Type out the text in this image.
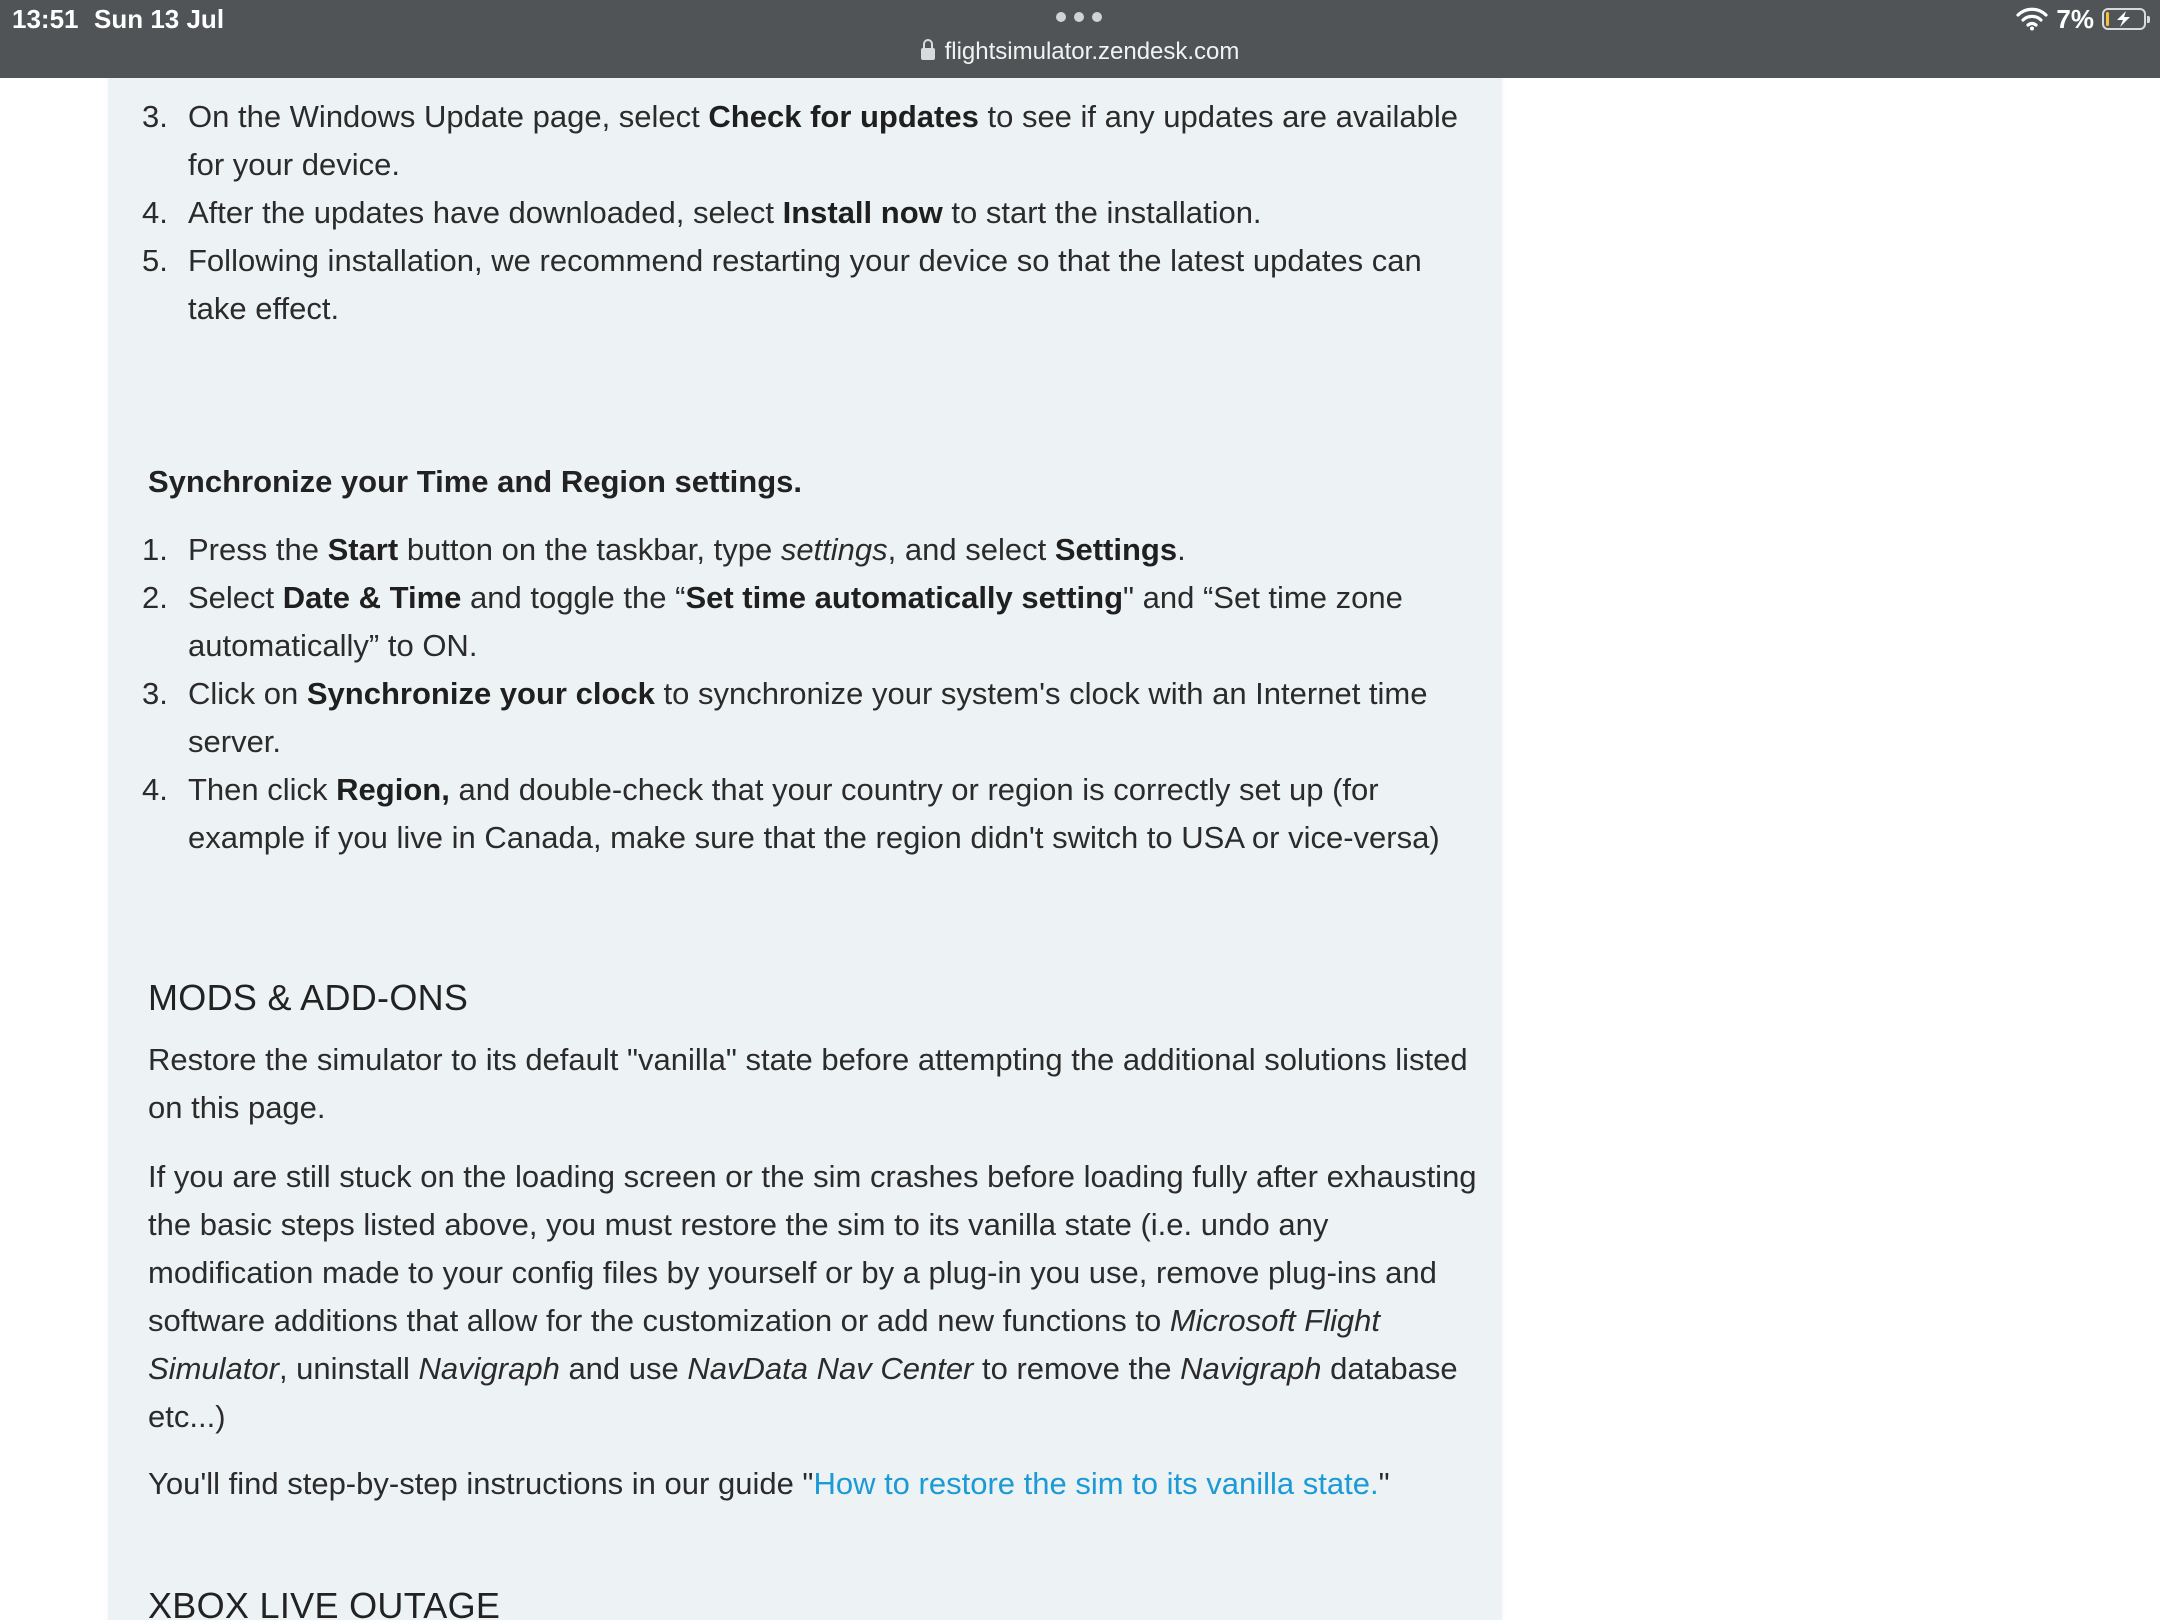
3. On the Windows Update page, select Check for updates to see if any updates are available for your device.
4. After the updates have downloaded, select Install now to start the installation.
5. Following installation, we recommend restarting your device so that the latest updates can take effect.
Synchronize your Time and Region settings.
1. Press the Start button on the taskbar, type settings, and select Settings.
2. Select Date & Time and toggle the “Set time automatically setting" and “Set time zone automatically” to ON.
3. Click on Synchronize your clock to synchronize your system's clock with an Internet time server.
4. Then click Region, and double-check that your country or region is correctly set up (for example if you live in Canada, make sure that the region didn't switch to USA or vice-versa)
MODS & ADD-ONS

Restore the simulator to its default "vanilla" state before attempting the additional solutions listed on this page.

If you are still stuck on the loading screen or the sim crashes before loading fully after exhausting the basic steps listed above, you must restore the sim to its vanilla state (i.e. undo any modification made to your config files by yourself or by a plug-in you use, remove plug-ins and software additions that allow for the customization or add new functions to Microsoft Flight Simulator, uninstall Navigraph and use NavData Nav Center to remove the Navigraph database etc...)

You'll find step-by-step instructions in our guide "How to restore the sim to its vanilla state."

XBOX LIVE OUTAGE
13:51 Sun 13 Jul
flightsimulator.zendesk.com
7%
